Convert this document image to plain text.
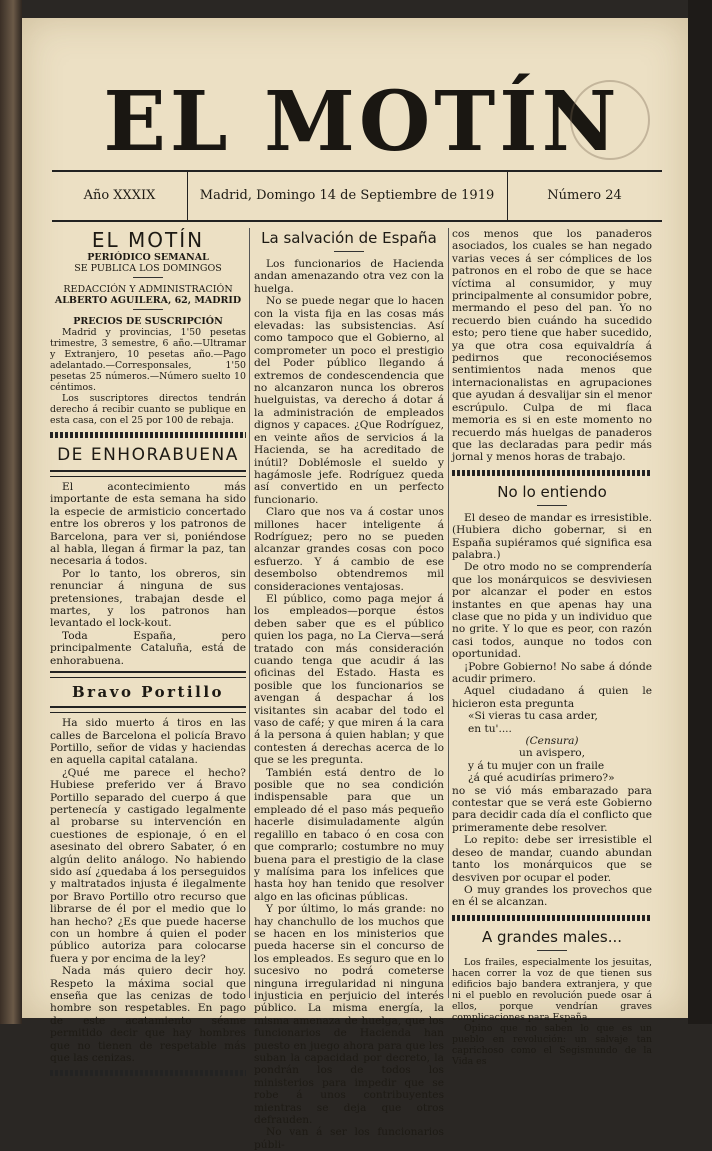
EL MOTÍN
Año XXXIX	Madrid, Domingo 14 de Septiembre de 1919	Número 24
EL MOTÍN
PERIÓDICO SEMANAL
SE PUBLICA LOS DOMINGOS
REDACCIÓN Y ADMINISTRACIÓN
ALBERTO AGUILERA, 62, MADRID
PRECIOS DE SUSCRIPCIÓN

Madrid y provincias, 1'50 pesetas trimestre, 3 semestre, 6 año.—Ultramar y Extranjero, 10 pesetas año.—Pago adelantado.—Corresponsales, 1'50 pesetas 25 números.—Número suelto 10 céntimos.

Los suscriptores directos tendrán derecho á recibir cuanto se publique en esta casa, con el 25 por 100 de rebaja.

DE ENHORABUENA

El acontecimiento más importante de esta semana ha sido la especie de armisticio concertado entre los obreros y los patronos de Barcelona, para ver si, poniéndose al habla, llegan á firmar la paz, tan necesaria á todos.

Por lo tanto, los obreros, sin renunciar á ninguna de sus pretensiones, trabajan desde el martes, y los patronos han levantado el lock-kout.

Toda España, pero principalmente Cataluña, está de enhorabuena.

Bravo Portillo

Ha sido muerto á tiros en las calles de Barcelona el policía Bravo Portillo, señor de vidas y haciendas en aquella capital catalana.

¿Qué me parece el hecho? Hubiese preferido ver á Bravo Portillo separado del cuerpo á que pertenecía y castigado legalmente al probarse su intervención en cuestiones de espionaje, ó en el asesinato del obrero Sabater, ó en algún delito análogo. No habiendo sido así ¿quedaba á los perseguidos y maltratados injusta é ilegalmente por Bravo Portillo otro recurso que librarse de él por el medio que lo han hecho? ¿Es que puede hacerse con un hombre á quien el poder público autoriza para colocarse fuera y por encima de la ley?

Nada más quiero decir hoy. Respeto la máxima social que enseña que las cenizas de todo hombre son respetables. En pago de este acatamiento séame permitido decir que hay hombres que no tienen de respetable más que las cenizas.

La salvación de España

Los funcionarios de Hacienda andan amenazando otra vez con la huelga.

No se puede negar que lo hacen con la vista fija en las cosas más elevadas: las subsistencias. Así como tampoco que el Gobierno, al comprometer un poco el prestigio del Poder público llegando á extremos de condescendencia que no alcanzaron nunca los obreros huelguistas, va derecho á dotar á la administración de empleados dignos y capaces. ¿Que Rodríguez, en veinte años de servicios á la Hacienda, se ha acreditado de inútil? Doblémosle el sueldo y hagámosle jefe. Rodríguez queda así convertido en un perfecto funcionario.

Claro que nos va á costar unos millones hacer inteligente á Rodríguez; pero no se pueden alcanzar grandes cosas con poco esfuerzo. Y á cambio de ese desembolso obtendremos mil consideraciones ventajosas.

El público, como paga mejor á los empleados—porque éstos deben saber que es el público quien los paga, no La Cierva—será tratado con más consideración cuando tenga que acudir á las oficinas del Estado. Hasta es posible que los funcionarios se avengan á despachar á los visitantes sin acabar del todo el vaso de café; y que miren á la cara á la persona á quien hablan; y que contesten á derechas acerca de lo que se les pregunta.

También está dentro de lo posible que no sea condición indispensable para que un empleado dé el paso más pequeño hacerle disimuladamente algún regalillo en tabaco ó en cosa con que comprarlo; costumbre no muy buena para el prestigio de la clase y malísima para los infelices que hasta hoy han tenido que resolver algo en las oficinas públicas.

Y por último, lo más grande: no hay chanchullo de los muchos que se hacen en los ministerios que pueda hacerse sin el concurso de los empleados. Es seguro que en lo sucesivo no podrá cometerse ninguna irregularidad ni ninguna injusticia en perjuicio del interés público. La misma energía, la misma amenaza de huelga, que los funcionarios de Hacienda han puesto en juego ahora para que les suban la capacidad por decreto, la pondrán los de todos los ministerios para impedir que se robe á unos contribuyentes mientras se deja que otros defrauden.

No van á ser los funcionarios públi-

cos menos que los panaderos asociados, los cuales se han negado varias veces á ser cómplices de los patronos en el robo de que se hace víctima al consumidor, y muy principalmente al consumidor pobre, mermando el peso del pan. Yo no recuerdo bien cuándo ha sucedido esto; pero tiene que haber sucedido, ya que otra cosa equivaldría á pedirnos que reconociésemos sentimientos nada menos que internacionalistas en agrupaciones que ayudan á desvalijar sin el menor escrúpulo. Culpa de mi flaca memoria es si en este momento no recuerdo más huelgas de panaderos que las declaradas para pedir más jornal y menos horas de trabajo.

No lo entiendo

El deseo de mandar es irresistible. (Hubiera dicho gobernar, si en España supiéramos qué significa esa palabra.)

De otro modo no se comprendería que los monárquicos se desviviesen por alcanzar el poder en estos instantes en que apenas hay una clase que no pida y un individuo que no grite. Y lo que es peor, con razón casi todos, aunque no todos con oportunidad.

¡Pobre Gobierno! No sabe á dónde acudir primero.

Aquel ciudadano á quien le hicieron esta pregunta

«Si vieras tu casa arder,

en tu'....

(Censura)

un avispero,

y á tu mujer con un fraile

¿á qué acudirías primero?»

no se vió más embarazado para contestar que se verá este Gobierno para decidir cada día el conflicto que primeramente debe resolver.

Lo repito: debe ser irresistible el deseo de mandar, cuando abundan tanto los monárquicos que se desviven por ocupar el poder.

O muy grandes los provechos que en él se alcanzan.

A grandes males...

Los frailes, especialmente los jesuitas, hacen correr la voz de que tienen sus edificios bajo bandera extranjera, y que ni el pueblo en revolución puede osar á ellos, porque vendrían graves complicaciones para España.

Opino que no saben lo que es un pueblo en revolución: un salvaje tan caprichoso como el Segismundo de la Vida es
